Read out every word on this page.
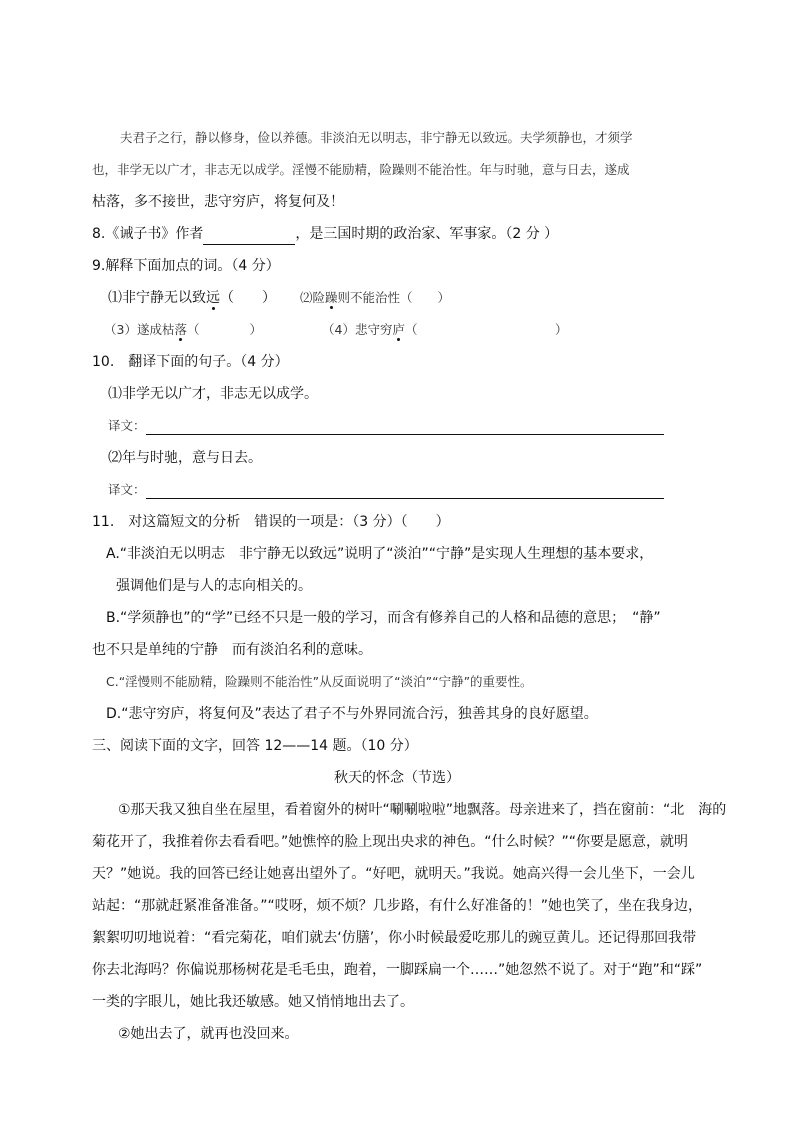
夫君子之行，静以修身，俭以养德。非淡泊无以明志，非宁静无以致远。夫学须静也，才须学
也，非学无以广才，非志无以成学。淫慢不能励精，险躁则不能治性。年与时驰，意与日去，遂成
枯落，多不接世，悲守穷庐，将复何及！
8.《诫子书》作者	，是三国时期的政治家、军事家。（2 分 ）
9.解释下面加点的词。（4 分）
⑴非宁静无以致远（　　） ⑵险躁则不能治性（　　）
（3）遂成枯落（　　　　）	（4）悲守穷庐（　　　　　　　　　　　）
10.　翻译下面的句子。（4 分）
⑴非学无以广才，非志无以成学。
译文：
⑵年与时驰，意与日去。
译文：
11.　对这篇短文的分析　错误的一项是：（3 分）（　　）
A.“非淡泊无以明志　非宁静无以致远”说明了“淡泊”“宁静”是实现人生理想的基本要求，
强调他们是与人的志向相关的。
B.“学须静也”的“学”已经不只是一般的学习，而含有修养自己的人格和品德的意思；　“静”
也不只是单纯的宁静　而有淡泊名利的意味。
C.“淫慢则不能励精，险躁则不能治性”从反面说明了“淡泊”“宁静”的重要性。
D.“悲守穷庐，将复何及”表达了君子不与外界同流合污，独善其身的良好愿望。
三、阅读下面的文字，回答 12——14 题。（10 分）
秋天的怀念（节选）
①那天我又独自坐在屋里，看着窗外的树叶“唰唰啦啦”地飘落。母亲进来了，挡在窗前：“北　海的
菊花开了，我推着你去看看吧。”她憔悴的脸上现出央求的神色。“什么时候？”“你要是愿意，就明
天？”她说。我的回答已经让她喜出望外了。“好吧，就明天。”我说。她高兴得一会儿坐下，一会儿
站起：“那就赶紧准备准备。”“哎呀，烦不烦？几步路，有什么好准备的！”她也笑了，坐在我身边，
絮絮叨叨地说着：“看完菊花，咱们就去‘仿膳’，你小时候最爱吃那儿的豌豆黄儿。还记得那回我带
你去北海吗？你偏说那杨树花是毛毛虫，跑着，一脚踩扁一个……”她忽然不说了。对于“跑”和“踩”
一类的字眼儿，她比我还敏感。她又悄悄地出去了。
②她出去了，就再也没回来。
